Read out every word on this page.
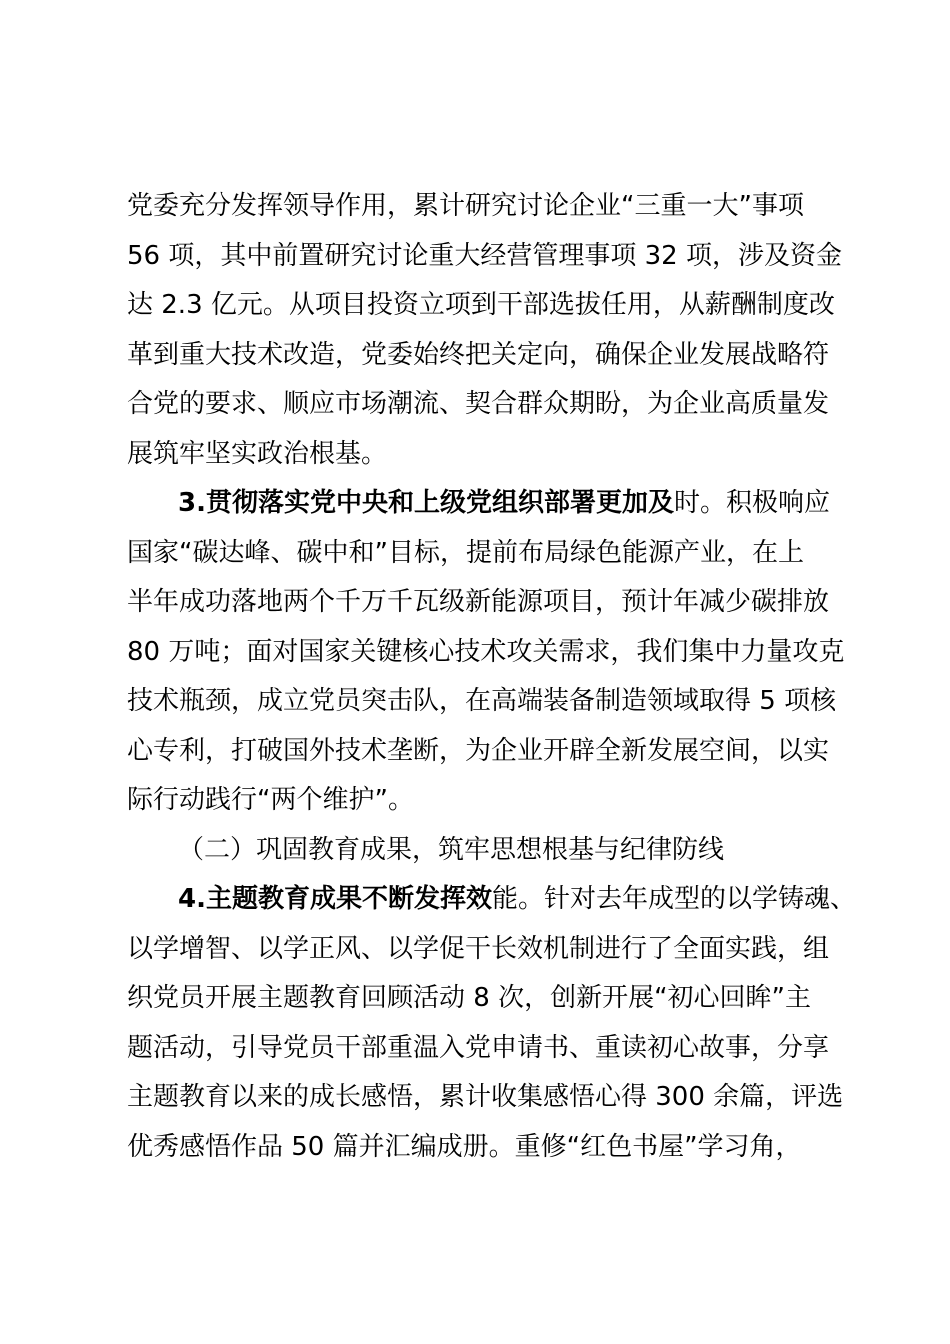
党委充分发挥领导作用，累计研究讨论企业“三重一大”事项
56 项，其中前置研究讨论重大经营管理事项 32 项，涉及资金
达 2.3 亿元。从项目投资立项到干部选拔任用，从薪酬制度改
革到重大技术改造，党委始终把关定向，确保企业发展战略符
合党的要求、顺应市场潮流、契合群众期盼，为企业高质量发
展筑牢坚实政治根基。
3.贯彻落实党中央和上级党组织部署更加及时。积极响应
国家“碳达峰、碳中和”目标，提前布局绿色能源产业，在上
半年成功落地两个千万千瓦级新能源项目，预计年减少碳排放
80 万吨；面对国家关键核心技术攻关需求，我们集中力量攻克
技术瓶颈，成立党员突击队，在高端装备制造领域取得 5 项核
心专利，打破国外技术垄断，为企业开辟全新发展空间，以实
际行动践行“两个维护”。
（二）巩固教育成果，筑牢思想根基与纪律防线
4.主题教育成果不断发挥效能。针对去年成型的以学铸魂、
以学增智、以学正风、以学促干长效机制进行了全面实践，组
织党员开展主题教育回顾活动 8 次，创新开展“初心回眸”主
题活动，引导党员干部重温入党申请书、重读初心故事，分享
主题教育以来的成长感悟，累计收集感悟心得 300 余篇，评选
优秀感悟作品 50 篇并汇编成册。重修“红色书屋”学习角，
